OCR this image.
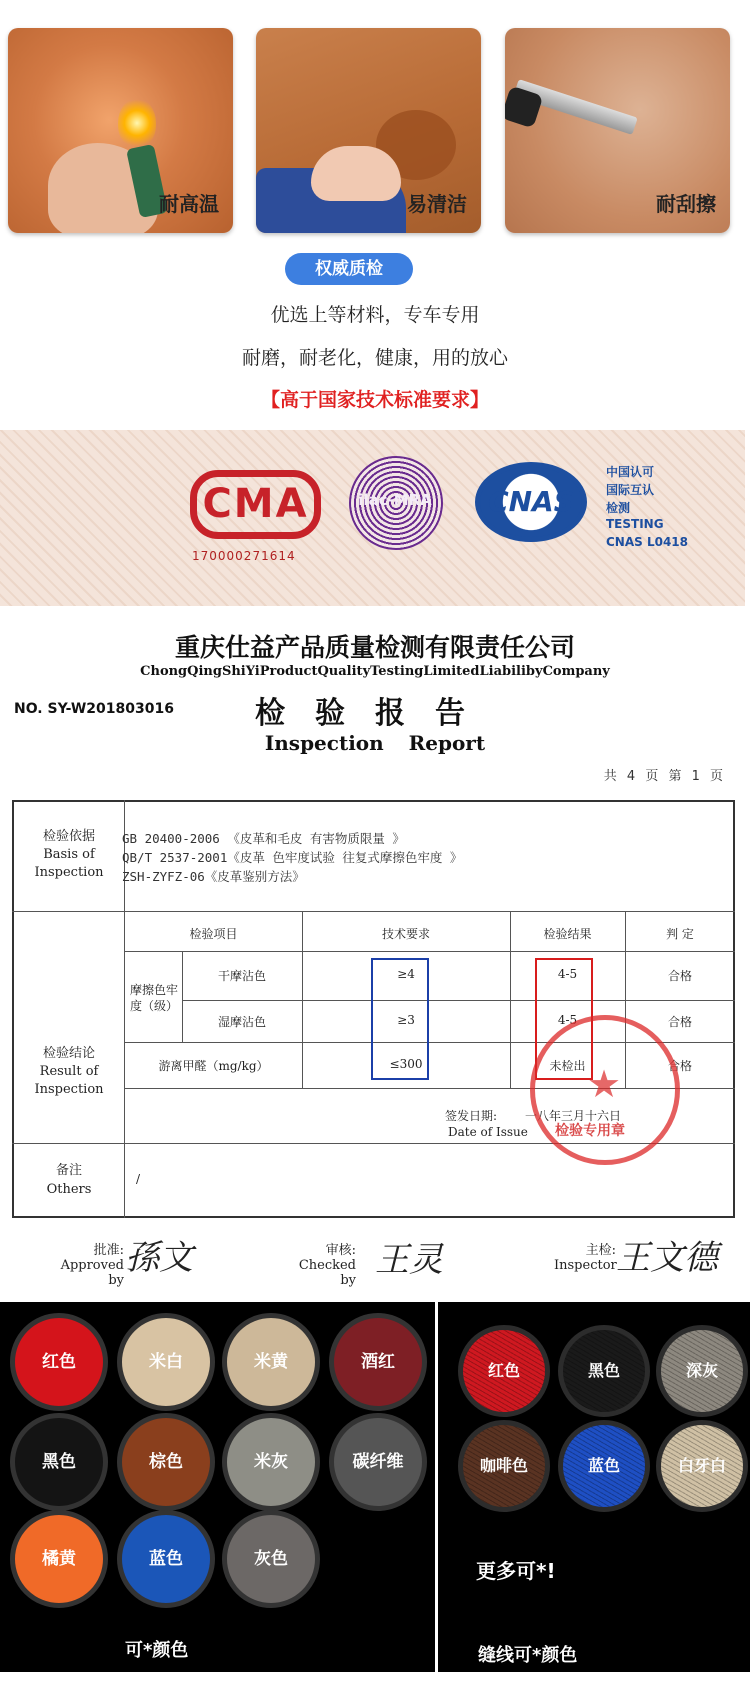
耐高温	易清洁	耐刮擦
权威质检
优选上等材料，专车专用
耐磨，耐老化，健康，用的放心
【高于国家技术标准要求】
CMA
170000271614
ilac-MRA	CNAS
中国认可
国际互认
检测
TESTING
CNAS L0418
重庆仕益产品质量检测有限责任公司
ChongQingShiYiProductQualityTestingLimitedLiabilibyCompany
NO. SY-W201803016	检验报告
Inspection Report
共 4 页 第 1 页
检验依据
Basis of
Inspection
GB 20400-2006 《皮革和毛皮 有害物质限量 》
QB/T 2537-2001《皮革 色牢度试验 往复式摩擦色牢度 》
ZSH-ZYFZ-06《皮革鉴别方法》
检验项目	技术要求	检验结果	判 定
摩擦色牢度（级）
干摩沾色	≥4	4-5	合格
湿摩沾色	≥3	4-5	合格
游离甲醛（mg/kg）	≤300	未检出	合格
检验结论
Result of
Inspection
签发日期: 一八年三月十六日
Date of Issue
★
检验专用章
备注
Others
/
批准:
Approved by
孫文	审核:
Checked by
王灵	主检:
Inspector 王文德
红色	米白	米黄	酒红
黑色	棕色	米灰	碳纤维
橘黄	蓝色	灰色
红色	黑色	深灰
咖啡色	蓝色	白牙白
更多可*!
可*颜色	缝线可*颜色
